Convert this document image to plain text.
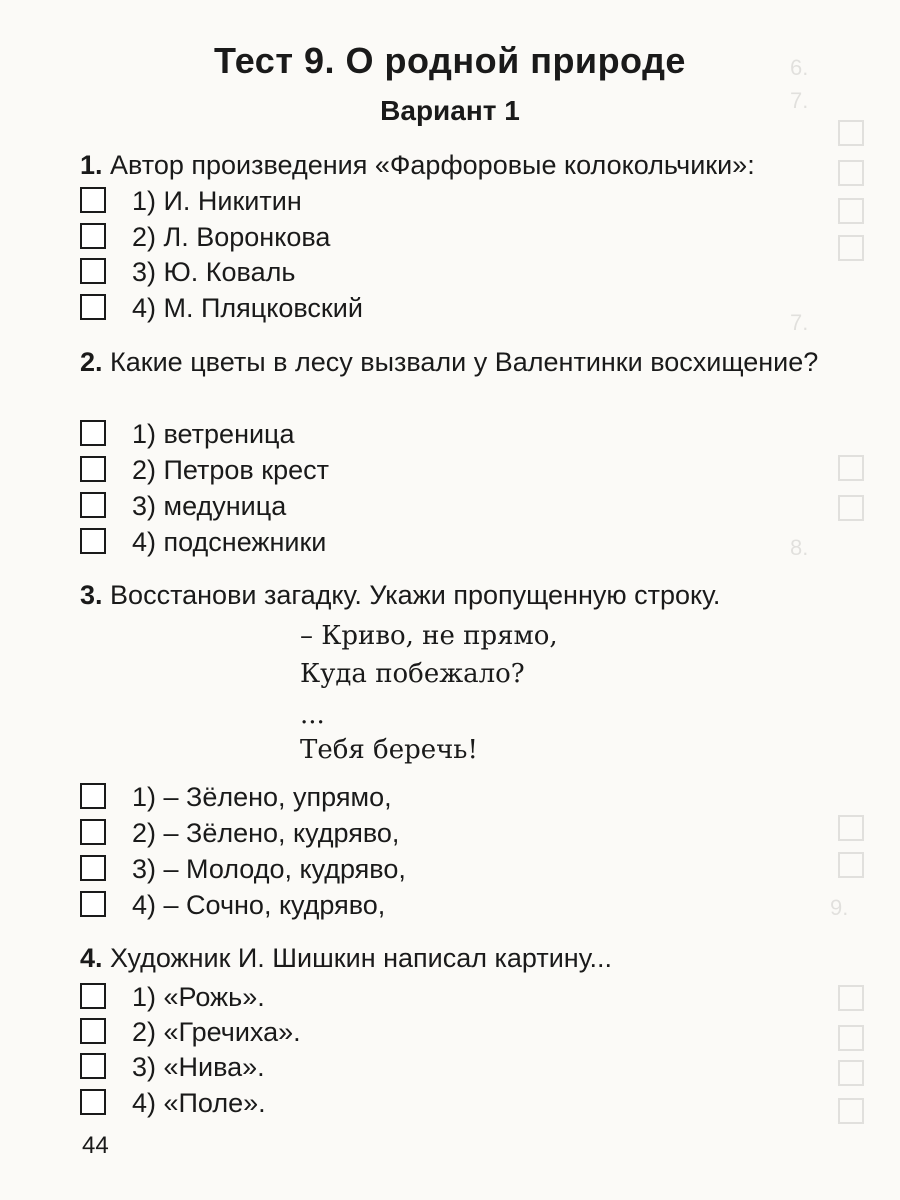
6.
7.
7.
8.
9.
Тест 9. О родной природе
Вариант 1
1. Автор произведения «Фарфоровые колокольчики»:
1) И. Никитин
2) Л. Воронкова
3) Ю. Коваль
4) М. Пляцковский
2. Какие цветы в лесу вызвали у Валентинки восхищение?
1) ветреница
2) Петров крест
3) медуница
4) подснежники
3. Восстанови загадку. Укажи пропущенную строку.
– Криво, не прямо,
Куда побежало?
...
Тебя беречь!
1) – Зёлено, упрямо,
2) – Зёлено, кудряво,
3) – Молодо, кудряво,
4) – Сочно, кудряво,
4. Художник И. Шишкин написал картину...
1) «Рожь».
2) «Гречиха».
3) «Нива».
4) «Поле».
44
